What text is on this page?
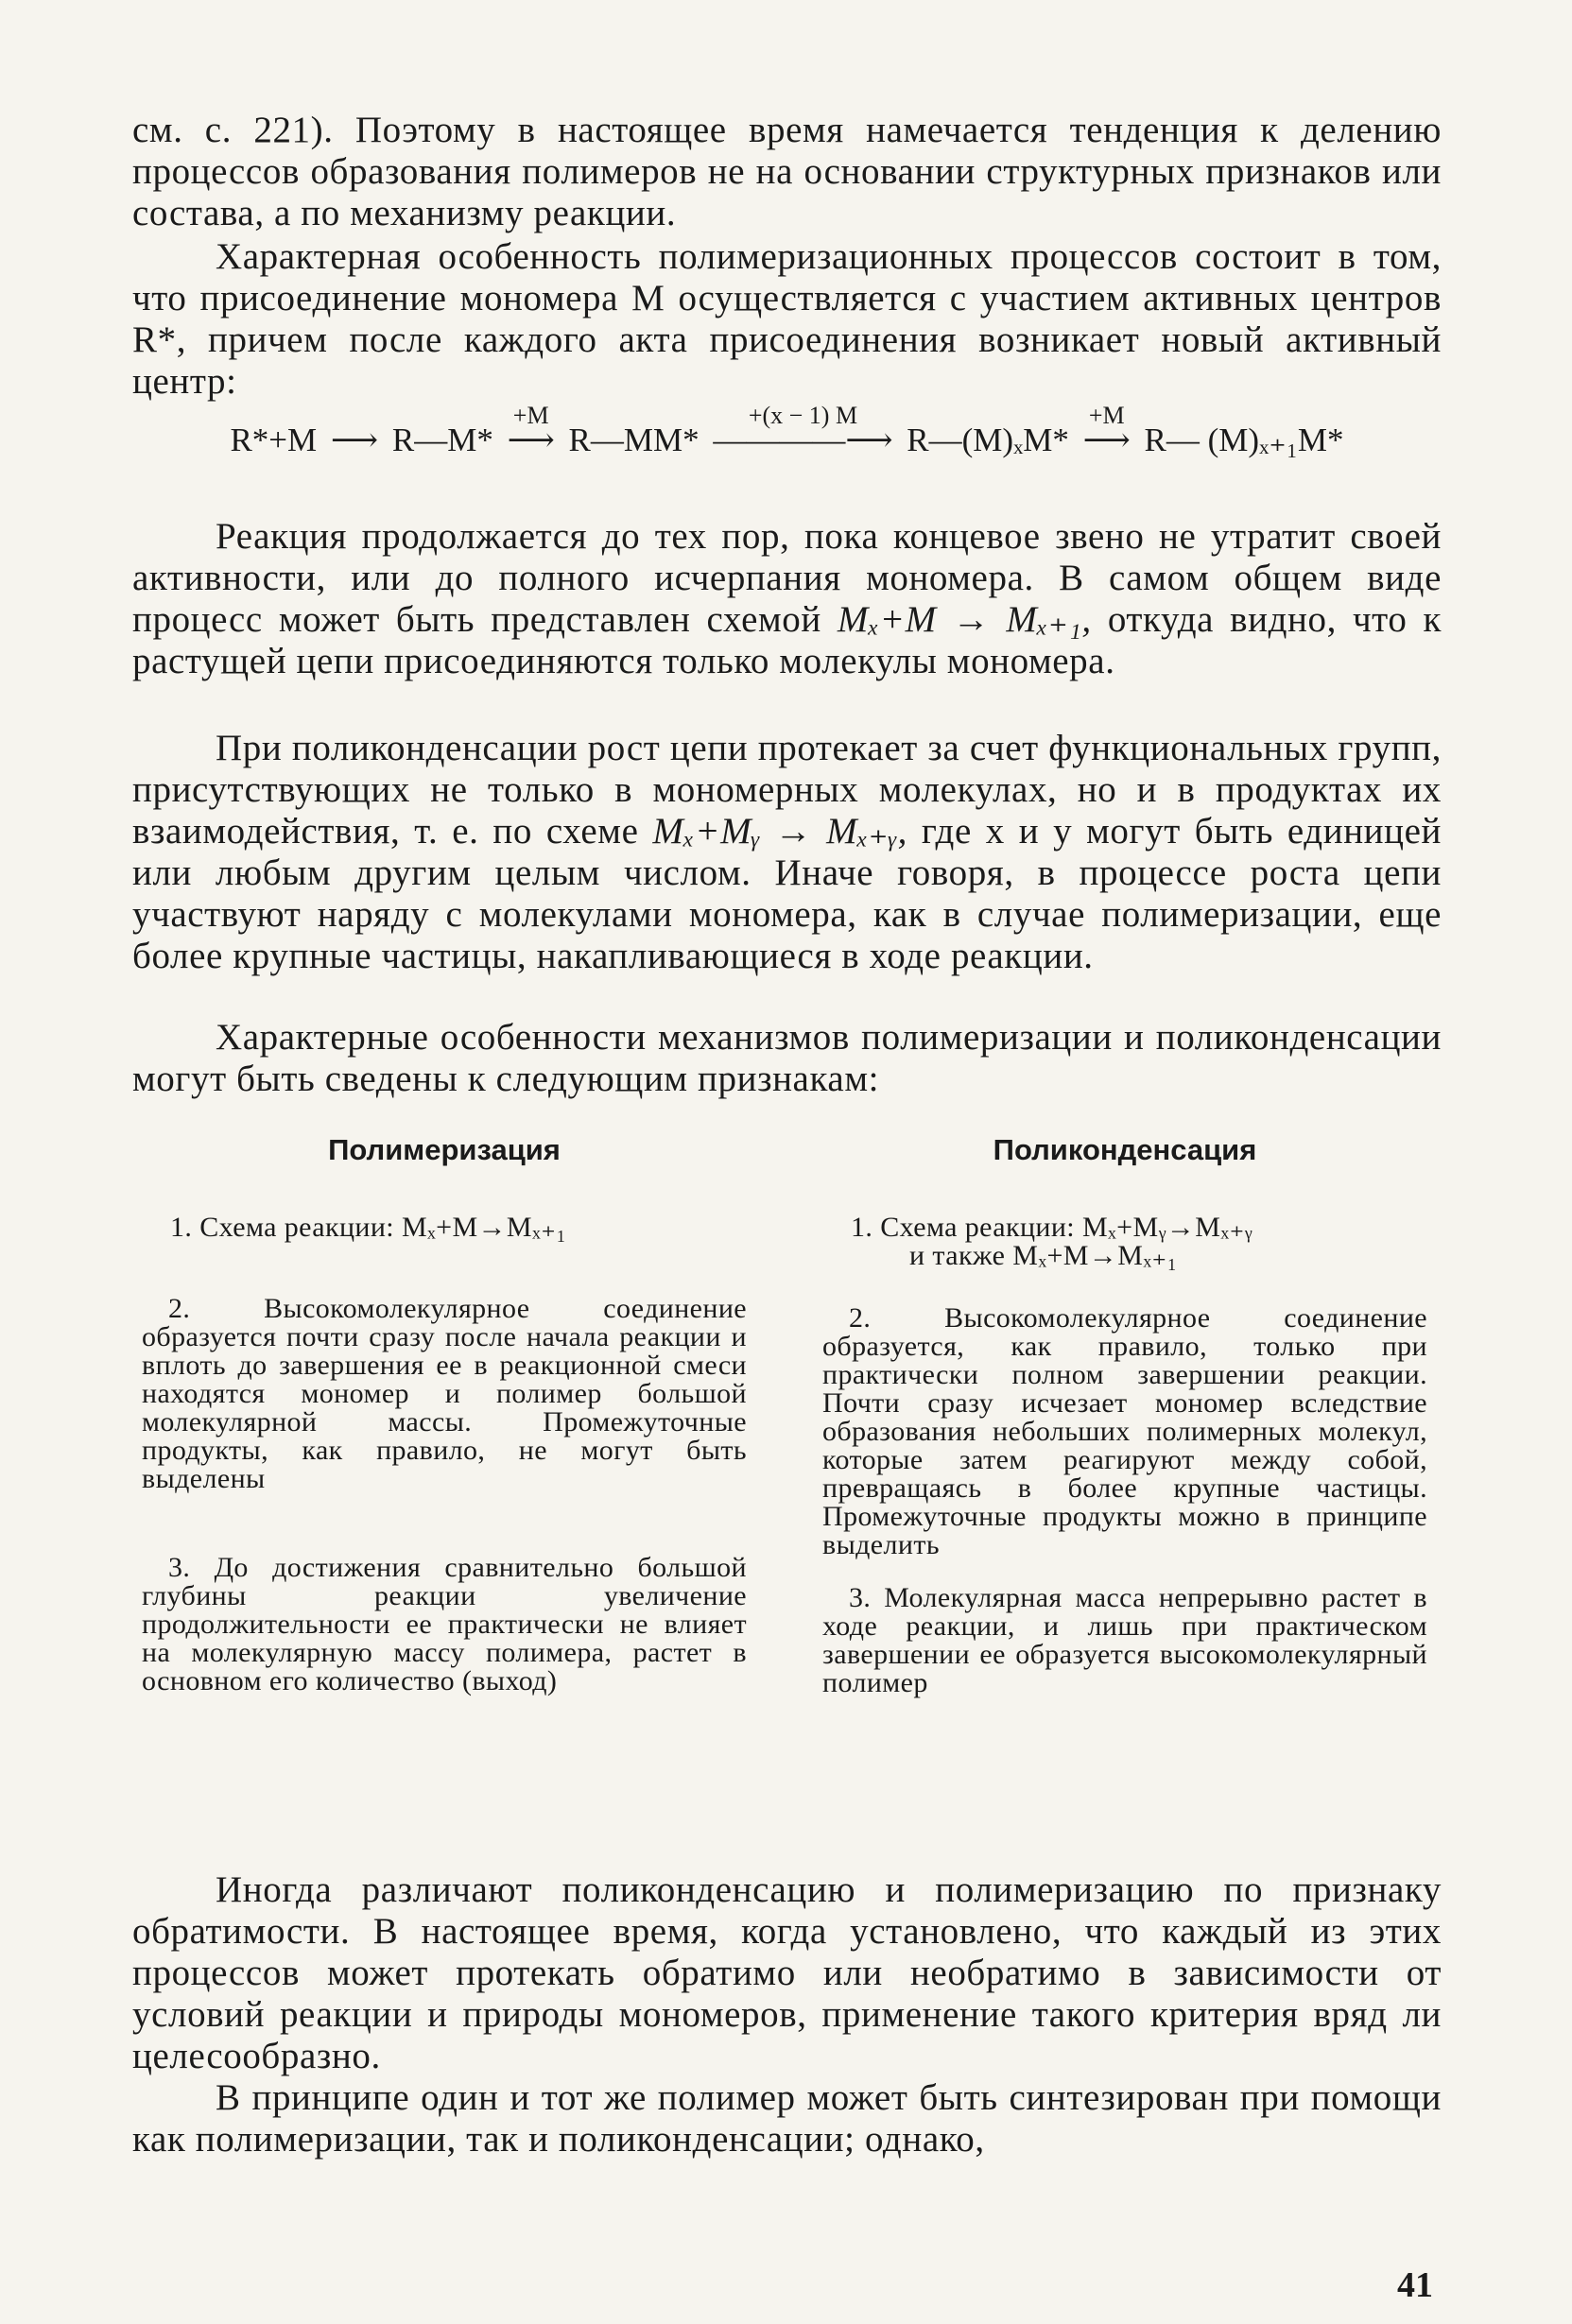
см. с. 221). Поэтому в настоящее время намечается тенденция к делению процессов образования полимеров не на основании структурных признаков или состава, а по механизму реакции.

Характерная особенность полимеризационных процессов состоит в том, что присоединение мономера M осуществляется с участием активных центров R*, причем после каждого акта присоединения возникает новый активный центр:

R*+M ⟶ R—M*
+M
⟶ R—MM*
+(x − 1) M
————⟶ R—(M)ₓM*
+M
⟶ R— (M)ₓ₊₁M*

Реакция продолжается до тех пор, пока концевое звено не утратит своей активности, или до полного исчерпания мономера. В самом общем виде процесс может быть представлен схемой Mₓ+M → Mₓ₊₁, откуда видно, что к растущей цепи присоединяются только молекулы мономера.

При поликонденсации рост цепи протекает за счет функциональных групп, присутствующих не только в мономерных молекулах, но и в продуктах их взаимодействия, т. е. по схеме Mₓ+Mᵧ → Mₓ₊ᵧ, где x и y могут быть единицей или любым другим целым числом. Иначе говоря, в процессе роста цепи участвуют наряду с молекулами мономера, как в случае полимеризации, еще более крупные частицы, накапливающиеся в ходе реакции.

Характерные особенности механизмов полимеризации и поликонденсации могут быть сведены к следующим признакам:

Полимеризация
1. Схема реакции: Mₓ+M→Mₓ₊₁
2. Высокомолекулярное соединение образуется почти сразу после начала реакции и вплоть до завершения ее в реакционной смеси находятся мономер и полимер большой молекулярной массы. Промежуточные продукты, как правило, не могут быть выделены
3. До достижения сравнительно большой глубины реакции увеличение продолжительности ее практически не влияет на молекулярную массу полимера, растет в основном его количество (выход)
Поликонденсация
1. Схема реакции: Mₓ+Mᵧ→Mₓ₊ᵧ
и также Mₓ+M→Mₓ₊₁
2. Высокомолекулярное соединение образуется, как правило, только при практически полном завершении реакции. Почти сразу исчезает мономер вследствие образования небольших полимерных молекул, которые затем реагируют между собой, превращаясь в более крупные частицы. Промежуточные продукты можно в принципе выделить
3. Молекулярная масса непрерывно растет в ходе реакции, и лишь при практическом завершении ее образуется высокомолекулярный полимер

Иногда различают поликонденсацию и полимеризацию по признаку обратимости. В настоящее время, когда установлено, что каждый из этих процессов может протекать обратимо или необратимо в зависимости от условий реакции и природы мономеров, применение такого критерия вряд ли целесообразно.

В принципе один и тот же полимер может быть синтезирован при помощи как полимеризации, так и поликонденсации; однако,

41
